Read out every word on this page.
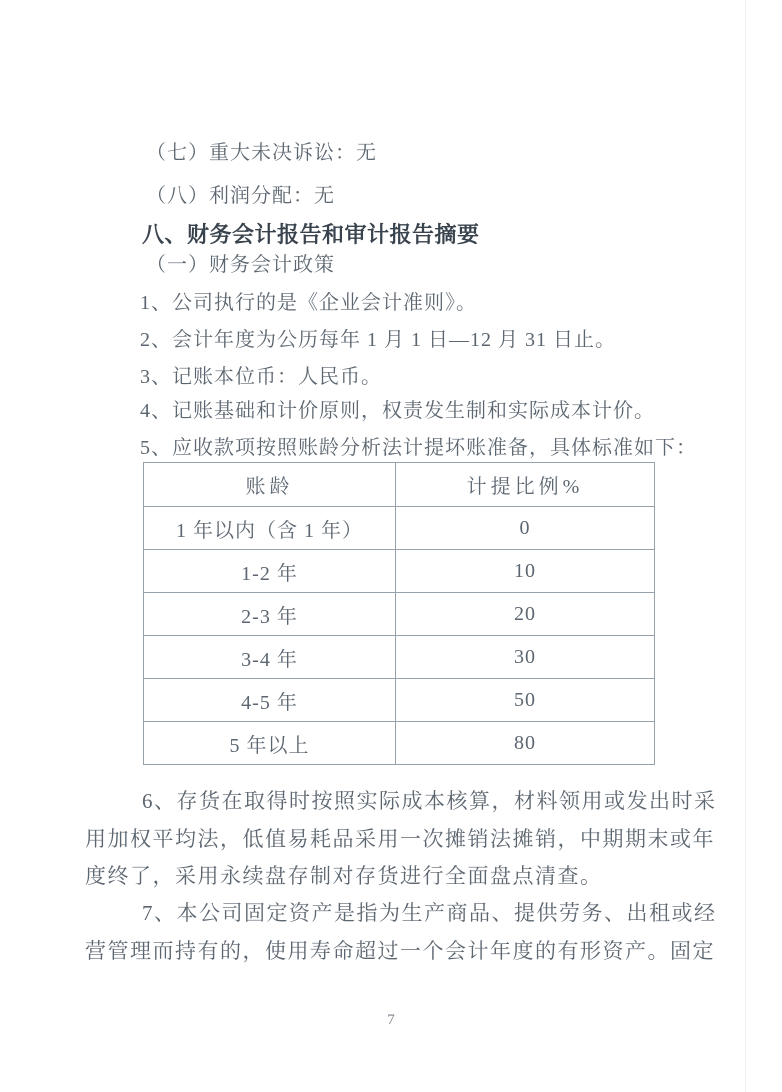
（七）重大未决诉讼：无
（八）利润分配：无
八、财务会计报告和审计报告摘要
（一）财务会计政策
1、公司执行的是《企业会计准则》。
2、会计年度为公历每年 1 月 1 日—12 月 31 日止。
3、记账本位币：人民币。
4、记账基础和计价原则，权责发生制和实际成本计价。
5、应收款项按照账龄分析法计提坏账准备，具体标准如下：
账龄	计提比例%
1 年以内（含 1 年）	0
1-2 年	10
2-3 年	20
3-4 年	30
4-5 年	50
5 年以上	80
6、存货在取得时按照实际成本核算，材料领用或发出时采
用加权平均法，低值易耗品采用一次摊销法摊销，中期期末或年
度终了，采用永续盘存制对存货进行全面盘点清查。
7、本公司固定资产是指为生产商品、提供劳务、出租或经
营管理而持有的，使用寿命超过一个会计年度的有形资产。固定
7
